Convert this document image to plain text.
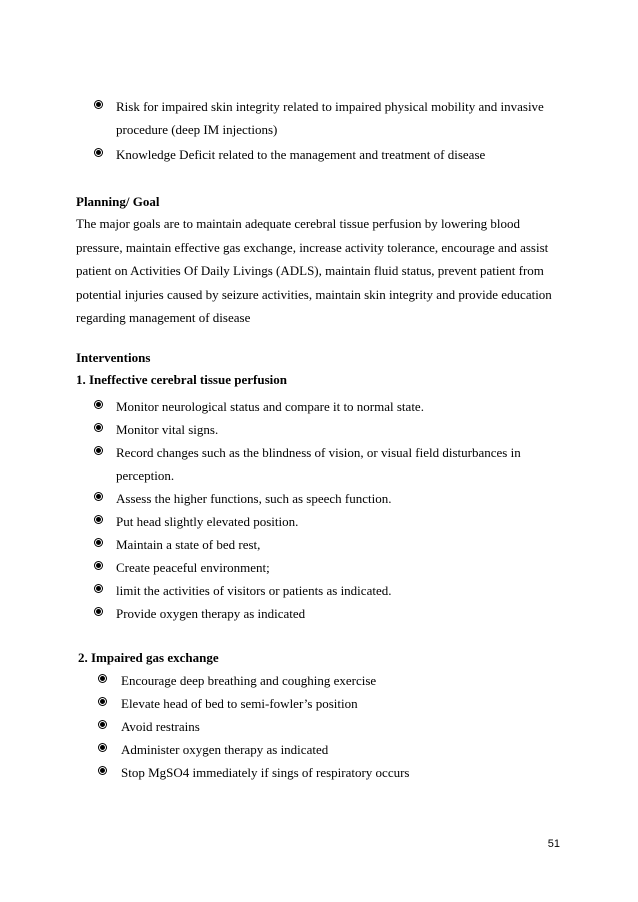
Risk for impaired skin integrity related to impaired physical mobility and invasive
procedure (deep IM injections)
Knowledge Deficit related to the management and treatment of disease
Planning/ Goal
The major goals are to maintain adequate cerebral tissue perfusion by lowering blood
pressure, maintain effective gas exchange, increase activity tolerance, encourage and assist
patient on Activities Of Daily Livings (ADLS), maintain fluid status, prevent patient from
potential injuries caused by seizure activities, maintain skin integrity and provide education
regarding management of disease
Interventions
1. Ineffective cerebral tissue perfusion
Monitor neurological status and compare it to normal state.
Monitor vital signs.
Record changes such as the blindness of vision, or visual field disturbances in
perception.
Assess the higher functions, such as speech function.
Put head slightly elevated position.
Maintain a state of bed rest,
Create peaceful environment;
limit the activities of visitors or patients as indicated.
Provide oxygen therapy as indicated
2. Impaired gas exchange
Encourage deep breathing and coughing exercise
Elevate head of bed to semi-fowler’s position
Avoid restrains
Administer oxygen therapy as indicated
Stop MgSO4 immediately if sings of respiratory occurs
51
